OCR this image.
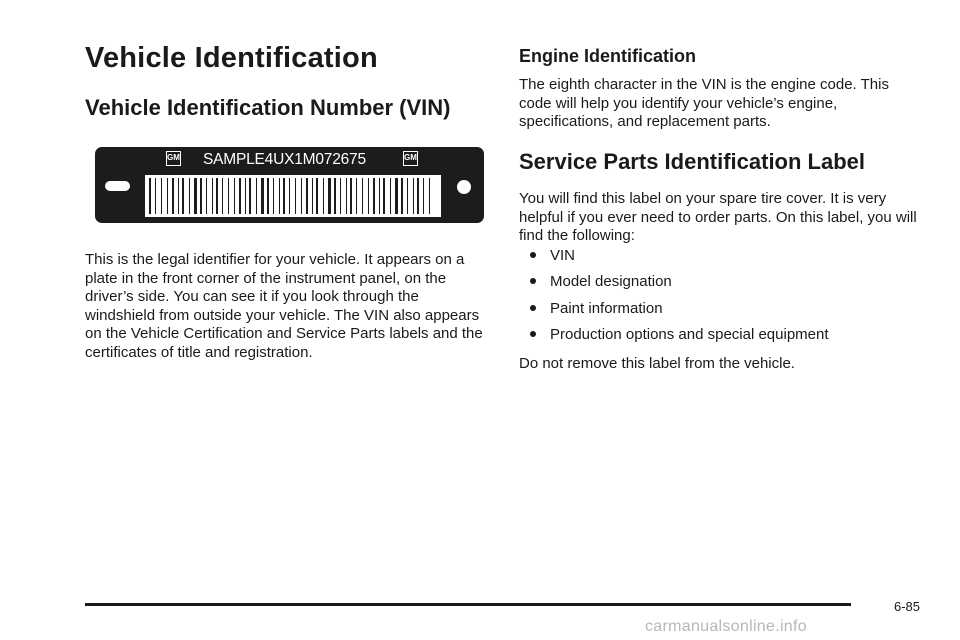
Vehicle Identification
Vehicle Identification Number (VIN)
GM SAMPLE4UX1M072675	GM

This is the legal identifier for your vehicle. It appears on a plate in the front corner of the instrument panel, on the driver’s side. You can see it if you look through the windshield from outside your vehicle. The VIN also appears on the Vehicle Certification and Service Parts labels and the certificates of title and registration.

Engine Identification

The eighth character in the VIN is the engine code. This code will help you identify your vehicle’s engine, specifications, and replacement parts.

Service Parts Identification Label

You will find this label on your spare tire cover. It is very helpful if you ever need to order parts. On this label, you will find the following:

VIN
Model designation
Paint information
Production options and special equipment

Do not remove this label from the vehicle.

6-85
carmanualsonline.info
